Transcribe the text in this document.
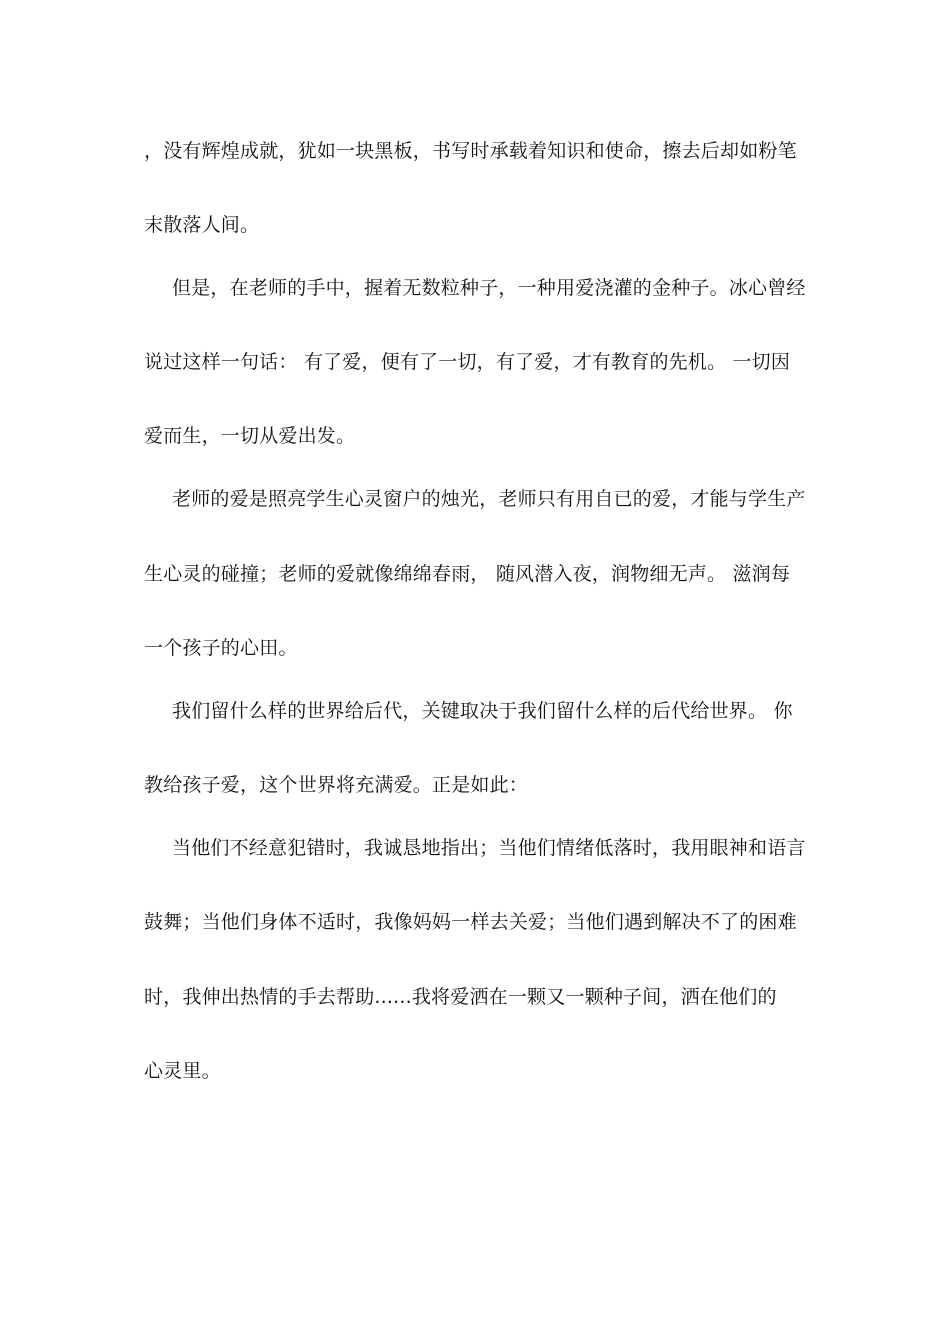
，没有辉煌成就，犹如一块黑板，书写时承载着知识和使命，擦去后却如粉笔
末散落人间。
但是，在老师的手中，握着无数粒种子，一种用爱浇灌的金种子。冰心曾经
说过这样一句话： 有了爱，便有了一切，有了爱，才有教育的先机。 一切因
爱而生，一切从爱出发。
老师的爱是照亮学生心灵窗户的烛光，老师只有用自已的爱，才能与学生产
生心灵的碰撞；老师的爱就像绵绵春雨， 随风潜入夜，润物细无声。 滋润每
一个孩子的心田。
我们留什么样的世界给后代，关键取决于我们留什么样的后代给世界。 你
教给孩子爱，这个世界将充满爱。正是如此：
当他们不经意犯错时，我诚恳地指出；当他们情绪低落时，我用眼神和语言
鼓舞；当他们身体不适时，我像妈妈一样去关爱；当他们遇到解决不了的困难
时，我伸出热情的手去帮助......我将爱洒在一颗又一颗种子间，洒在他们的
心灵里。
